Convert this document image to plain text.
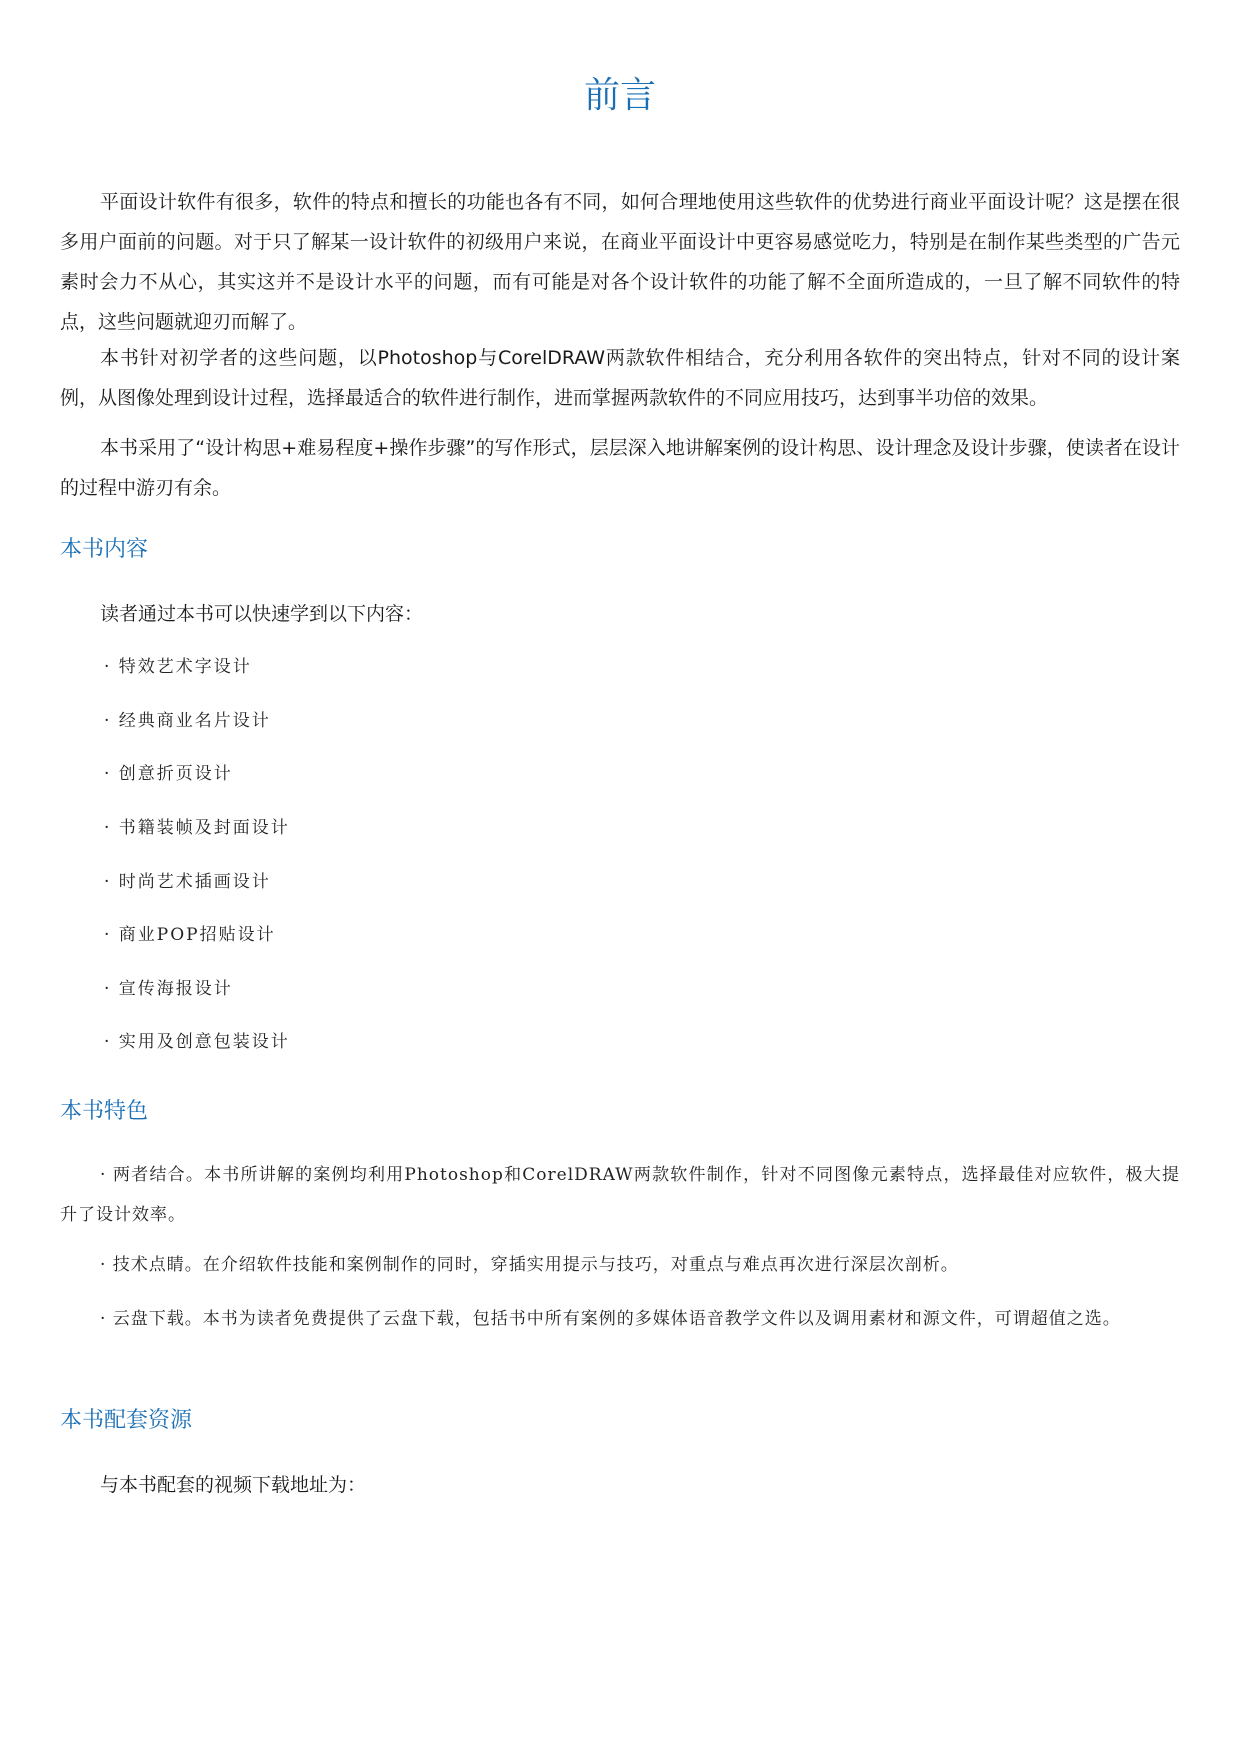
前言

平面设计软件有很多，软件的特点和擅长的功能也各有不同，如何合理地使用这些软件的优势进行商业平面设计呢？这是摆在很多用户面前的问题。对于只了解某一设计软件的初级用户来说，在商业平面设计中更容易感觉吃力，特别是在制作某些类型的广告元素时会力不从心，其实这并不是设计水平的问题，而有可能是对各个设计软件的功能了解不全面所造成的，一旦了解不同软件的特点，这些问题就迎刃而解了。

本书针对初学者的这些问题，以Photoshop与CorelDRAW两款软件相结合，充分利用各软件的突出特点，针对不同的设计案例，从图像处理到设计过程，选择最适合的软件进行制作，进而掌握两款软件的不同应用技巧，达到事半功倍的效果。

本书采用了“设计构思+难易程度+操作步骤”的写作形式，层层深入地讲解案例的设计构思、设计理念及设计步骤，使读者在设计的过程中游刃有余。

本书内容
读者通过本书可以快速学到以下内容：
· 特效艺术字设计
· 经典商业名片设计
· 创意折页设计
· 书籍装帧及封面设计
· 时尚艺术插画设计
· 商业POP招贴设计
· 宣传海报设计
· 实用及创意包装设计
本书特色

· 两者结合。本书所讲解的案例均利用Photoshop和CorelDRAW两款软件制作，针对不同图像元素特点，选择最佳对应软件，极大提升了设计效率。

· 技术点睛。在介绍软件技能和案例制作的同时，穿插实用提示与技巧，对重点与难点再次进行深层次剖析。

· 云盘下载。本书为读者免费提供了云盘下载，包括书中所有案例的多媒体语音教学文件以及调用素材和源文件，可谓超值之选。

本书配套资源
与本书配套的视频下载地址为：
